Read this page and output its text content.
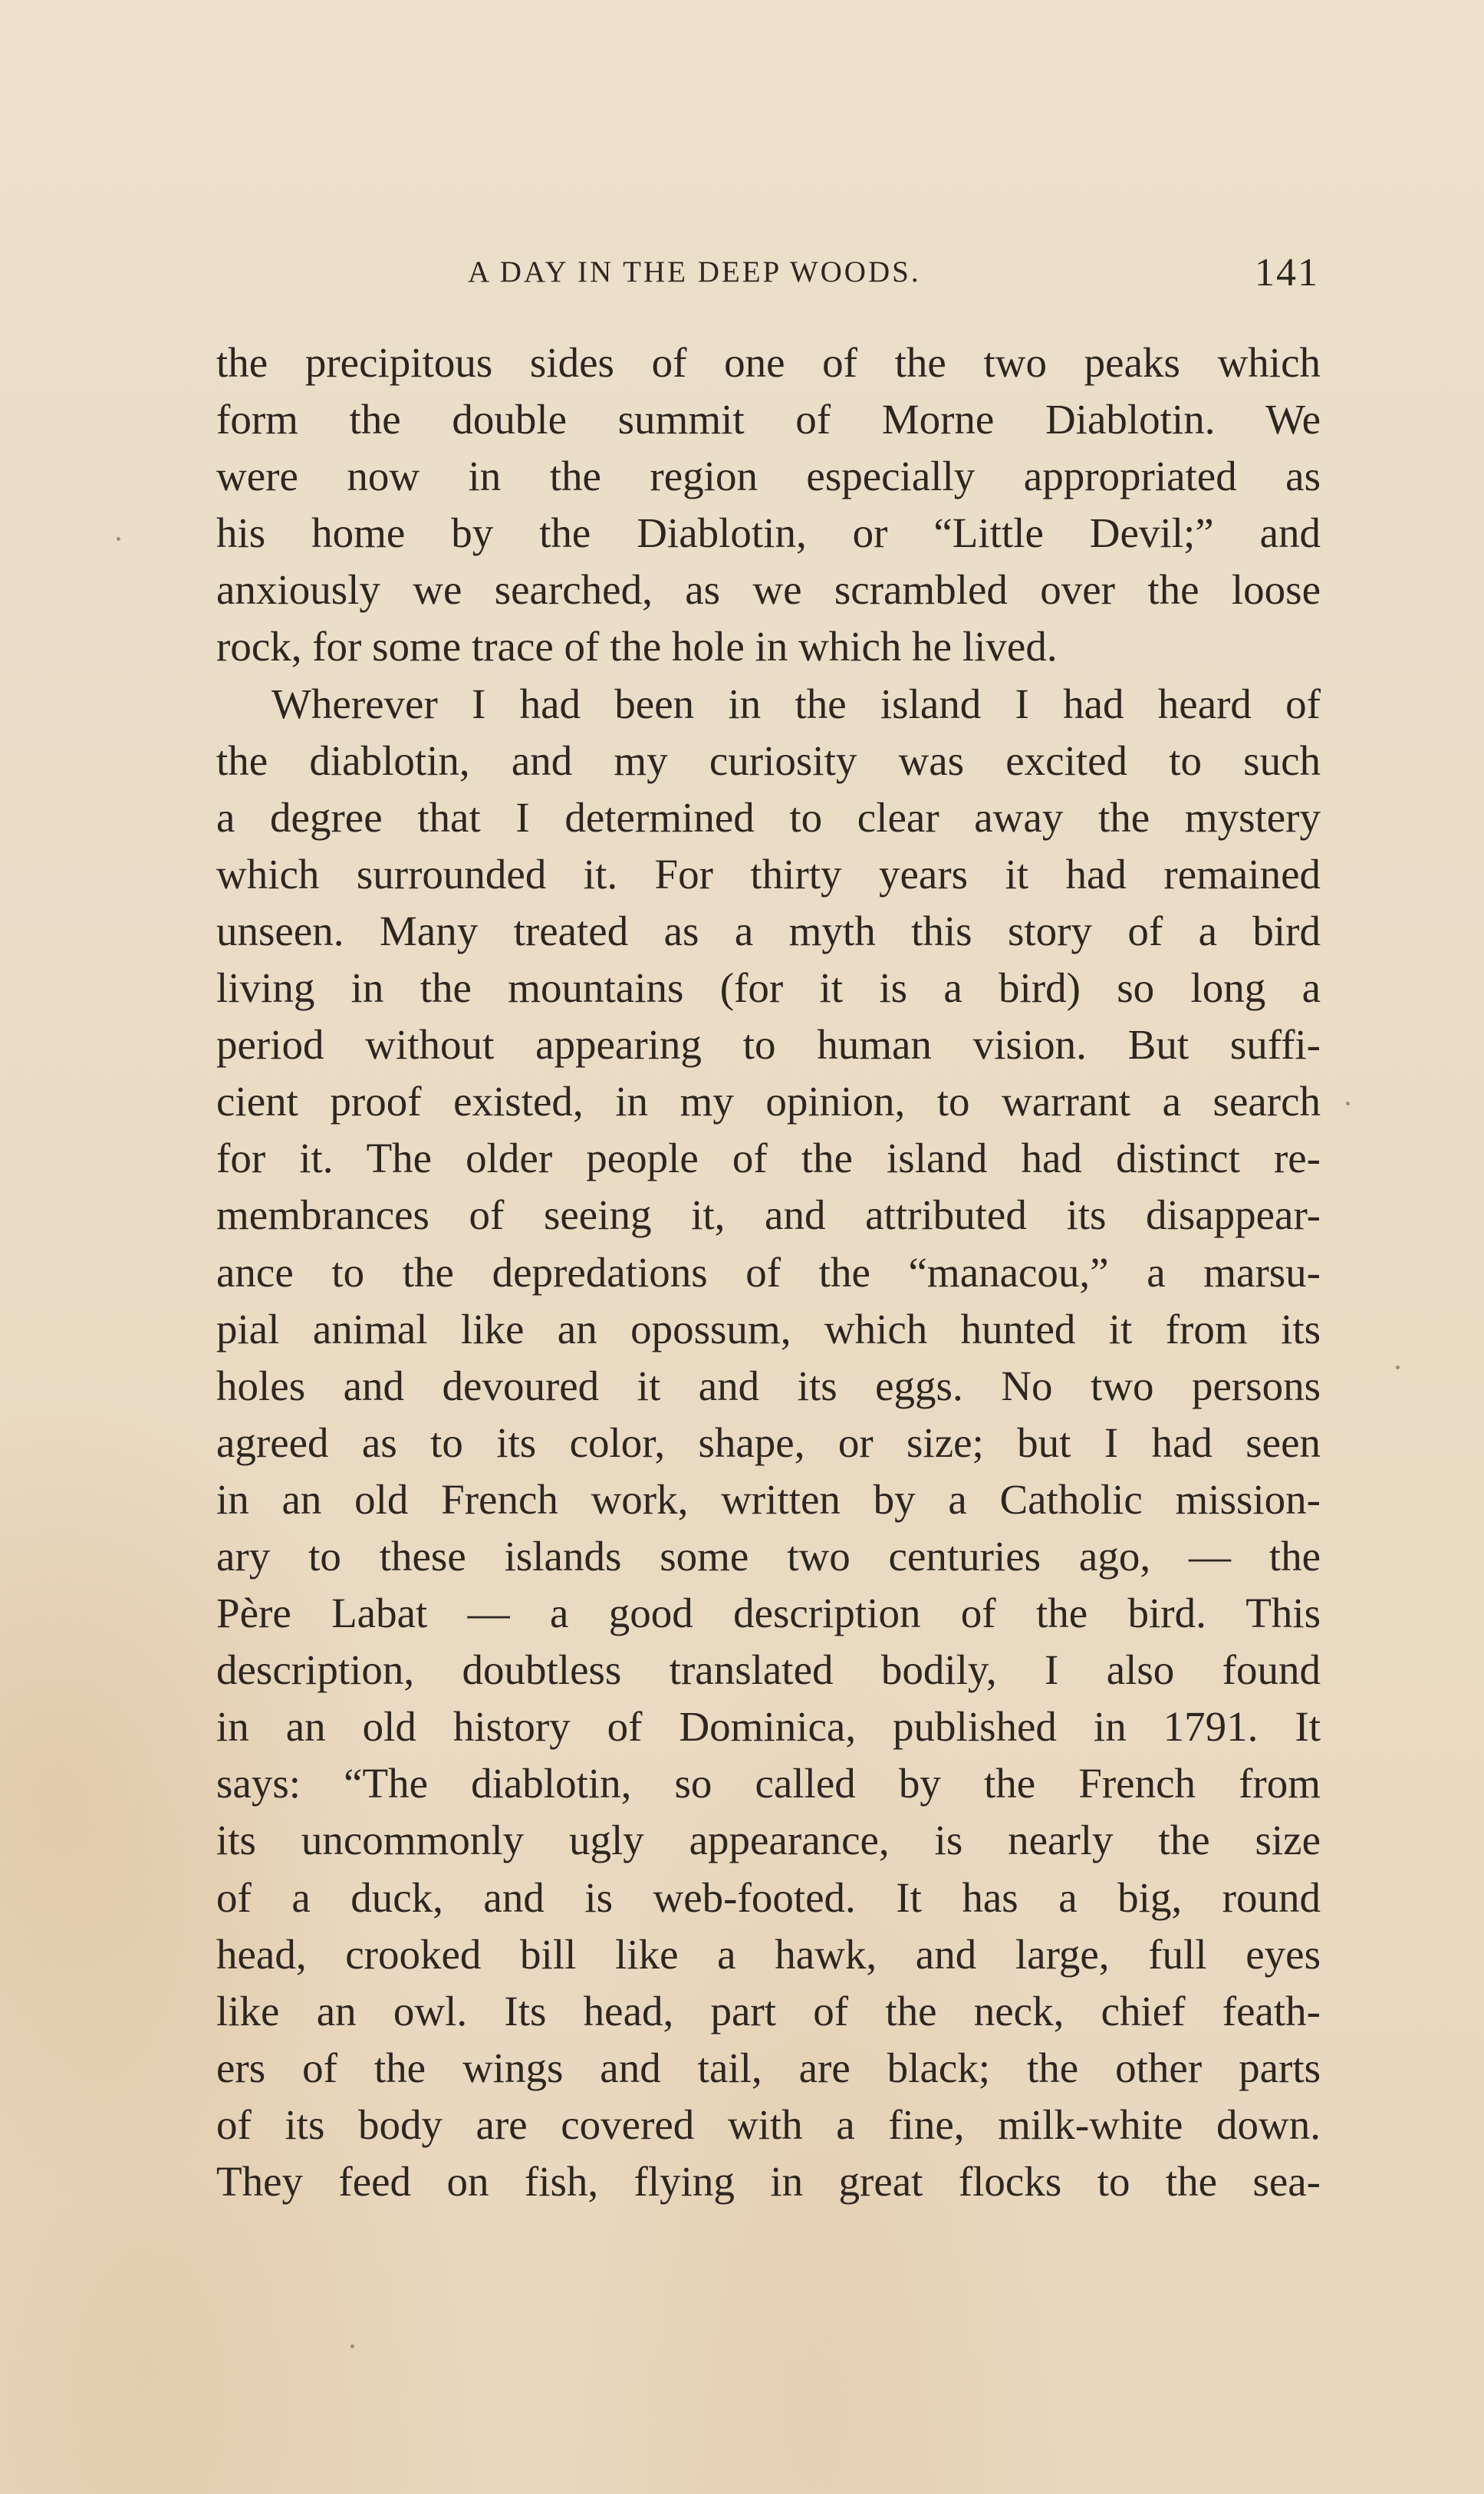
A DAY IN THE DEEP WOODS.	141
the precipitous sides of one of the two peaks which
form the double summit of Morne Diablotin. We
were now in the region especially appropriated as
his home by the Diablotin, or “Little Devil;” and
anxiously we searched, as we scrambled over the loose
rock, for some trace of the hole in which he lived.
Wherever I had been in the island I had heard of
the diablotin, and my curiosity was excited to such
a degree that I determined to clear away the mystery
which surrounded it. For thirty years it had remained
unseen. Many treated as a myth this story of a bird
living in the mountains (for it is a bird) so long a
period without appearing to human vision. But suffi-
cient proof existed, in my opinion, to warrant a search
for it. The older people of the island had distinct re-
membrances of seeing it, and attributed its disappear-
ance to the depredations of the “manacou,” a marsu-
pial animal like an opossum, which hunted it from its
holes and devoured it and its eggs. No two persons
agreed as to its color, shape, or size; but I had seen
in an old French work, written by a Catholic mission-
ary to these islands some two centuries ago, — the
Père Labat — a good description of the bird. This
description, doubtless translated bodily, I also found
in an old history of Dominica, published in 1791. It
says: “The diablotin, so called by the French from
its uncommonly ugly appearance, is nearly the size
of a duck, and is web-footed. It has a big, round
head, crooked bill like a hawk, and large, full eyes
like an owl. Its head, part of the neck, chief feath-
ers of the wings and tail, are black; the other parts
of its body are covered with a fine, milk-white down.
They feed on fish, flying in great flocks to the sea-
